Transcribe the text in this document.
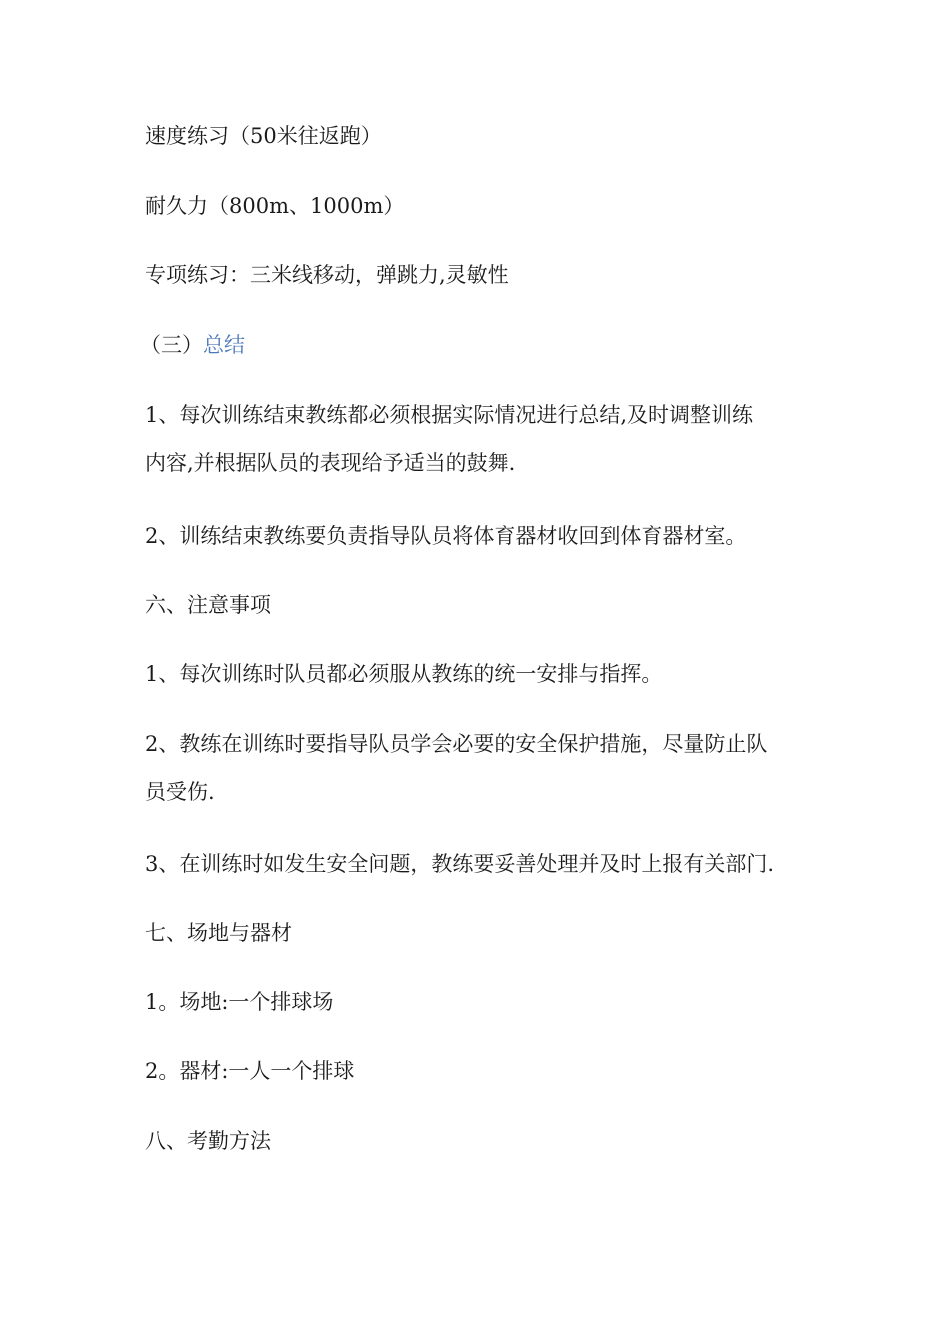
速度练习（50米往返跑）

耐久力（800m、1000m）

专项练习：三米线移动，弹跳力,灵敏性

（三）总结

1、每次训练结束教练都必须根据实际情况进行总结,及时调整训练
内容,并根据队员的表现给予适当的鼓舞.

2、训练结束教练要负责指导队员将体育器材收回到体育器材室。

六、注意事项

1、每次训练时队员都必须服从教练的统一安排与指挥。

2、教练在训练时要指导队员学会必要的安全保护措施，尽量防止队
员受伤.

3、在训练时如发生安全问题，教练要妥善处理并及时上报有关部门.

七、场地与器材

1。场地:一个排球场

2。器材:一人一个排球

八、考勤方法
